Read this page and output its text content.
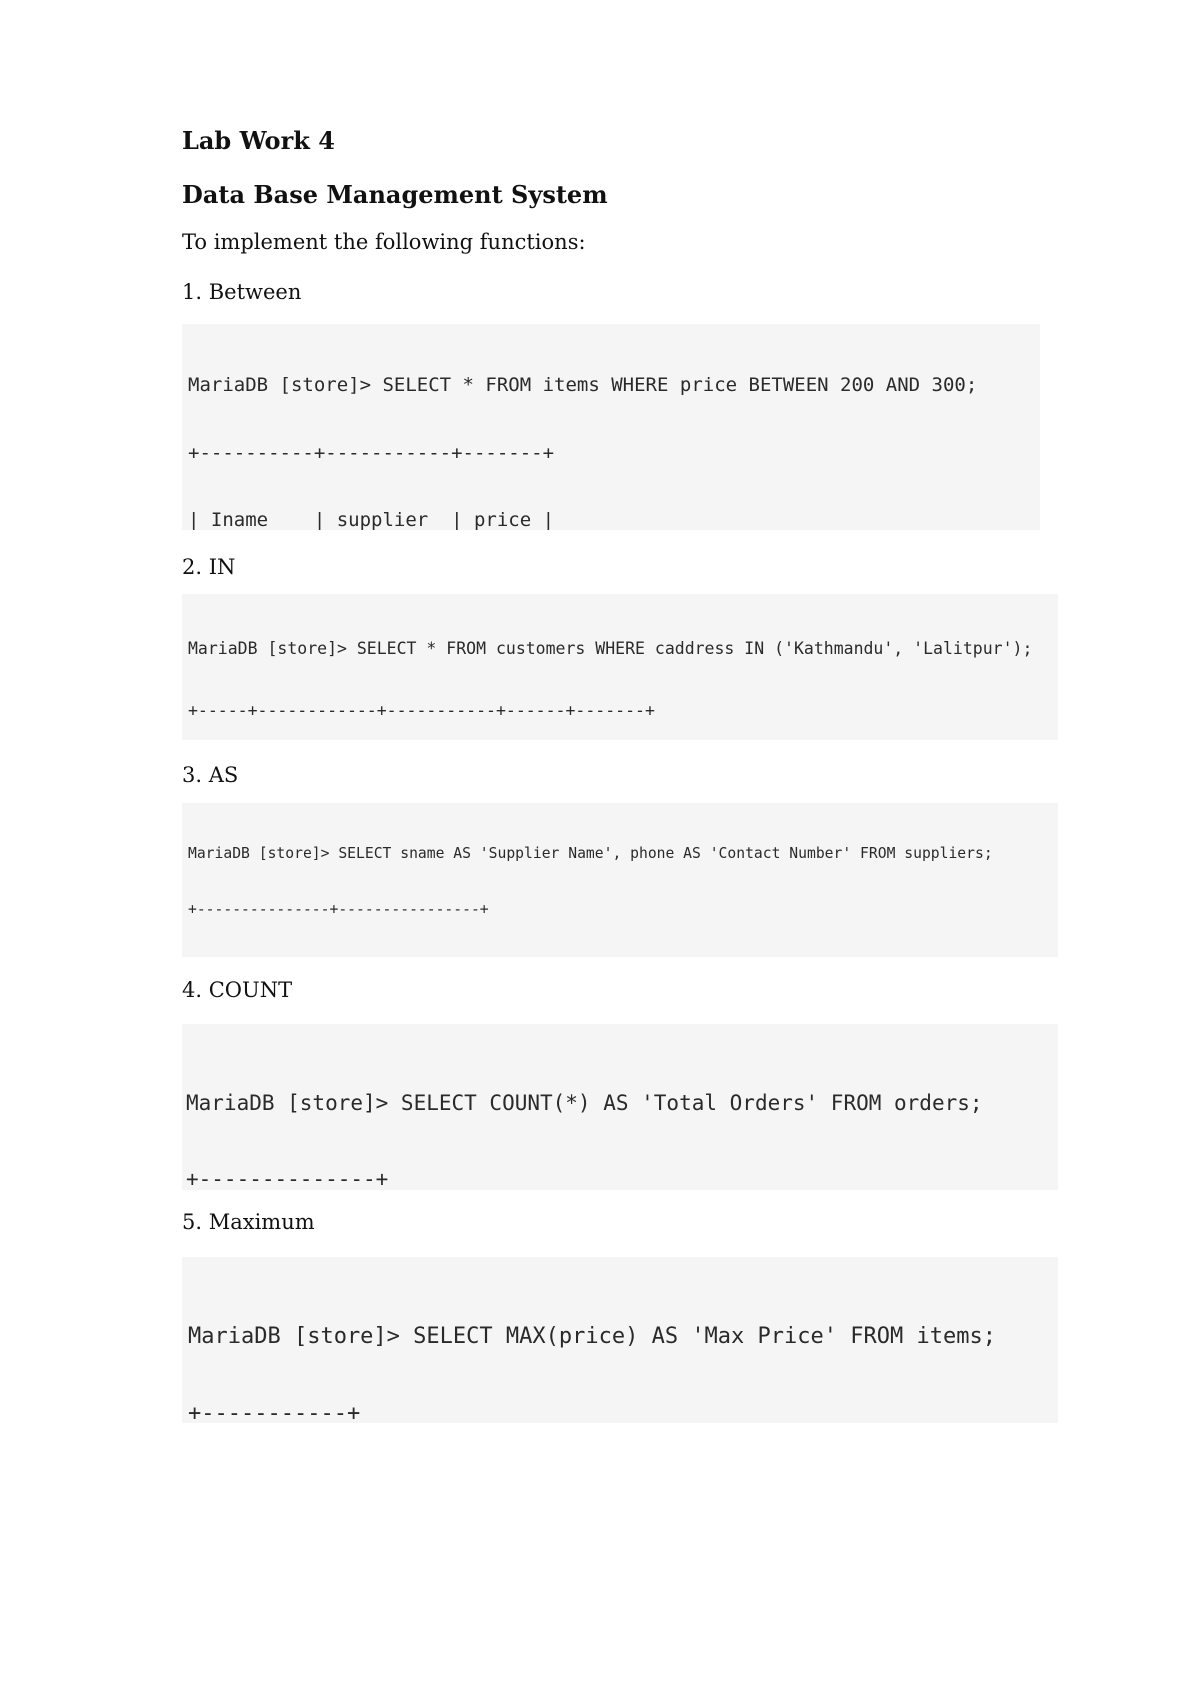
Lab Work 4
Data Base Management System

To implement the following functions:

1. Between

MariaDB [store]> SELECT * FROM items WHERE price BETWEEN 200 AND 300;

+----------+-----------+-------+

| Iname    | supplier  | price |

2. IN

MariaDB [store]> SELECT * FROM customers WHERE caddress IN ('Kathmandu', 'Lalitpur');

+-----+------------+-----------+------+-------+

3. AS

MariaDB [store]> SELECT sname AS 'Supplier Name', phone AS 'Contact Number' FROM suppliers;

+---------------+----------------+

4. COUNT

MariaDB [store]> SELECT COUNT(*) AS 'Total Orders' FROM orders;

+--------------+

5. Maximum

MariaDB [store]> SELECT MAX(price) AS 'Max Price' FROM items;

+-----------+
